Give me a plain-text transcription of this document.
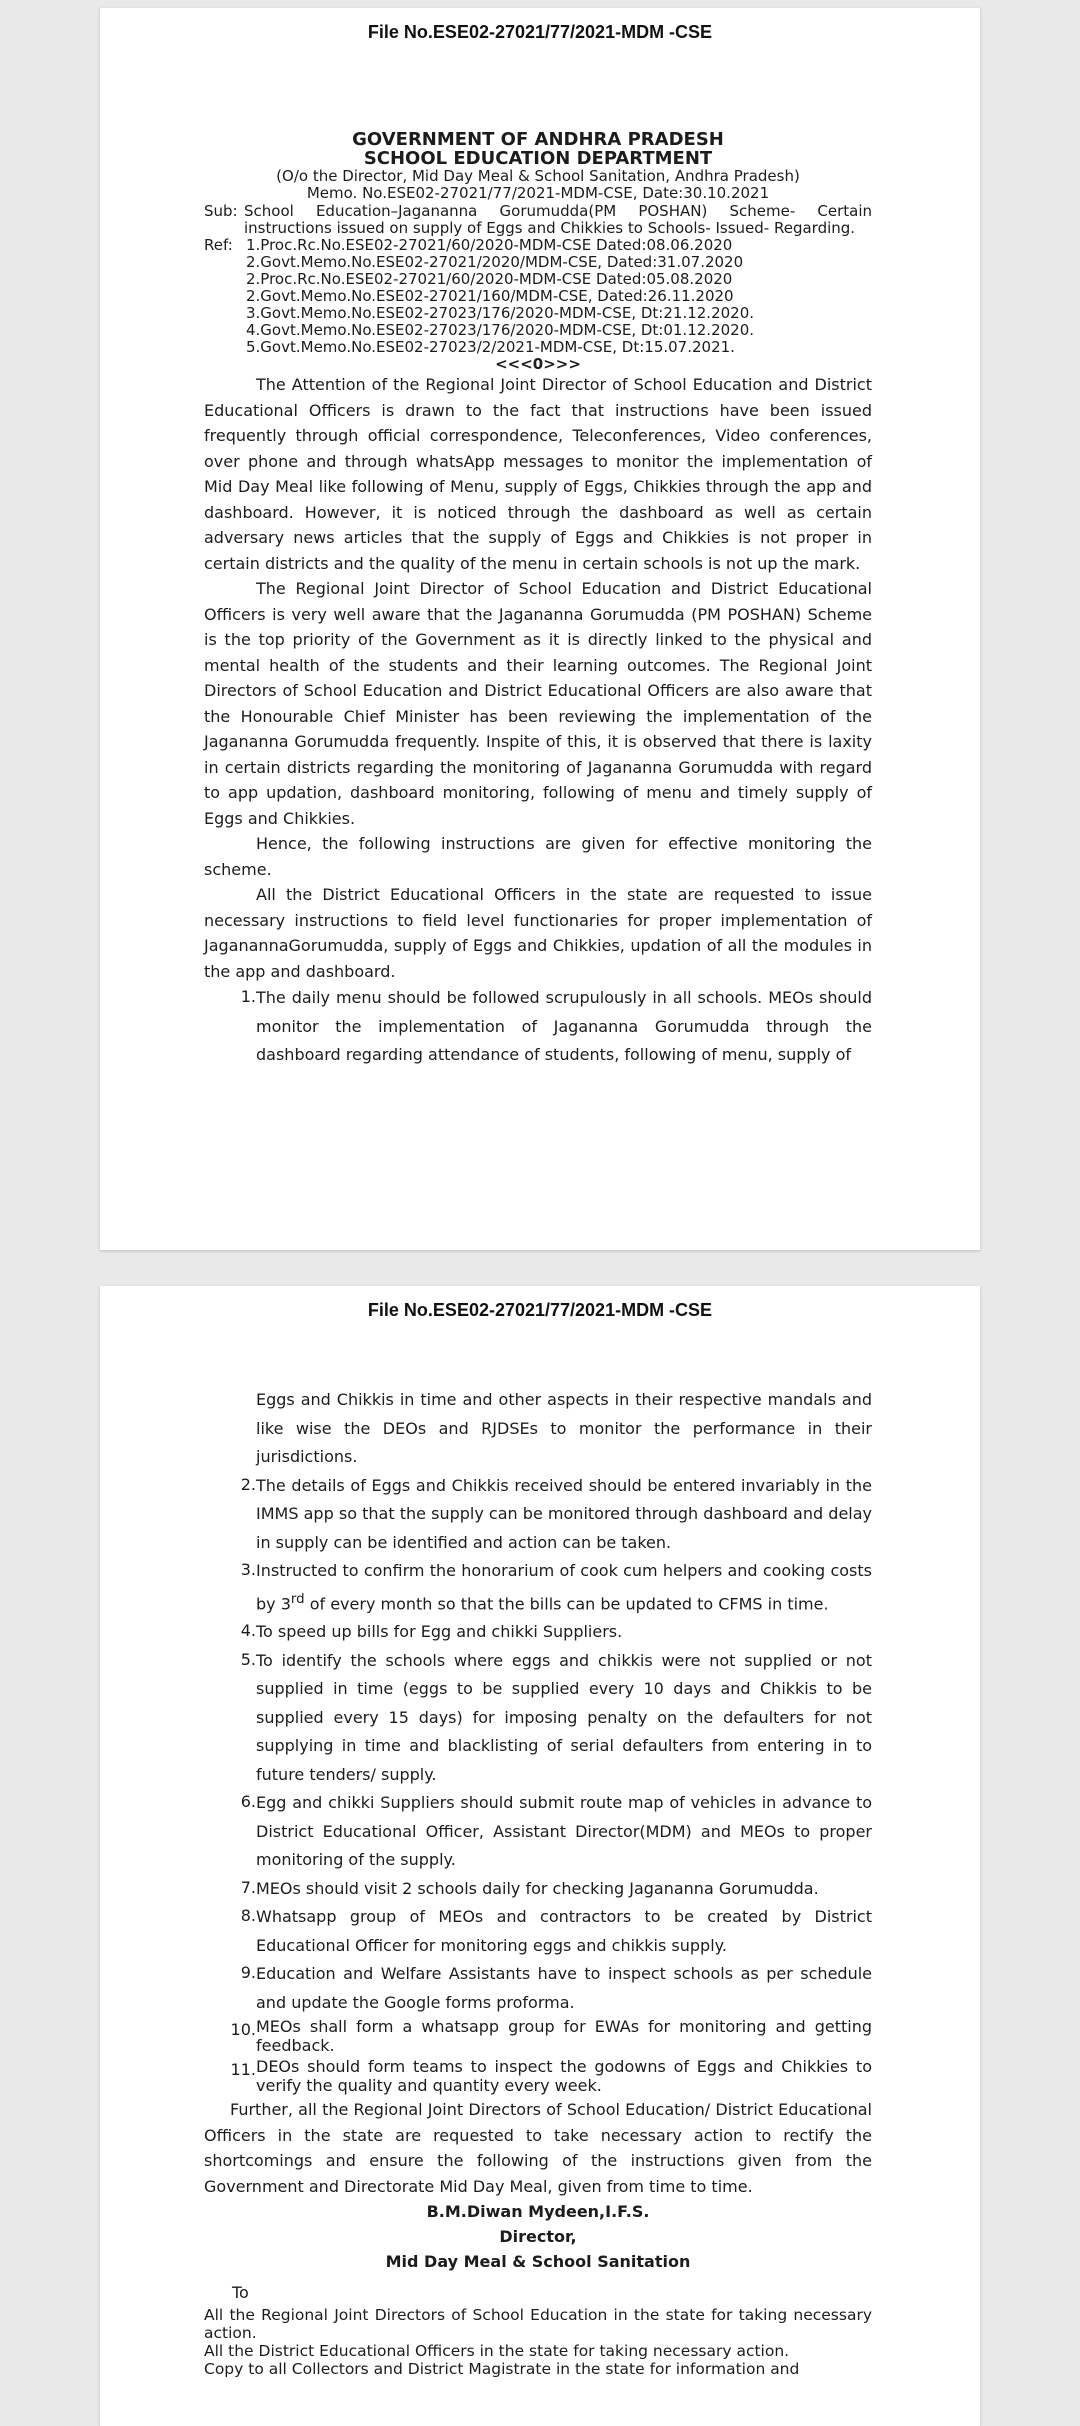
File No.ESE02-27021/77/2021-MDM -CSE
GOVERNMENT OF ANDHRA PRADESH
SCHOOL EDUCATION DEPARTMENT
(O/o the Director, Mid Day Meal & School Sanitation, Andhra Pradesh)
Memo. No.ESE02-27021/77/2021-MDM-CSE, Date:30.10.2021
Sub: School Education–Jagananna Gorumudda(PM POSHAN) Scheme- Certain instructions issued on supply of Eggs and Chikkies to Schools- Issued- Regarding.
Ref: 1.Proc.Rc.No.ESE02-27021/60/2020-MDM-CSE Dated:08.06.2020
2.Govt.Memo.No.ESE02-27021/2020/MDM-CSE, Dated:31.07.2020
2.Proc.Rc.No.ESE02-27021/60/2020-MDM-CSE Dated:05.08.2020
2.Govt.Memo.No.ESE02-27021/160/MDM-CSE, Dated:26.11.2020
3.Govt.Memo.No.ESE02-27023/176/2020-MDM-CSE, Dt:21.12.2020.
4.Govt.Memo.No.ESE02-27023/176/2020-MDM-CSE, Dt:01.12.2020.
5.Govt.Memo.No.ESE02-27023/2/2021-MDM-CSE, Dt:15.07.2021.
<<<0>>>

The Attention of the Regional Joint Director of School Education and District Educational Officers is drawn to the fact that instructions have been issued frequently through official correspondence, Teleconferences, Video conferences, over phone and through whatsApp messages to monitor the implementation of Mid Day Meal like following of Menu, supply of Eggs, Chikkies through the app and dashboard. However, it is noticed through the dashboard as well as certain adversary news articles that the supply of Eggs and Chikkies is not proper in certain districts and the quality of the menu in certain schools is not up the mark.

The Regional Joint Director of School Education and District Educational Officers is very well aware that the Jagananna Gorumudda (PM POSHAN) Scheme is the top priority of the Government as it is directly linked to the physical and mental health of the students and their learning outcomes. The Regional Joint Directors of School Education and District Educational Officers are also aware that the Honourable Chief Minister has been reviewing the implementation of the Jagananna Gorumudda frequently. Inspite of this, it is observed that there is laxity in certain districts regarding the monitoring of Jagananna Gorumudda with regard to app updation, dashboard monitoring, following of menu and timely supply of Eggs and Chikkies.

Hence, the following instructions are given for effective monitoring the scheme.

All the District Educational Officers in the state are requested to issue necessary instructions to field level functionaries for proper implementation of JaganannaGorumudda, supply of Eggs and Chikkies, updation of all the modules in the app and dashboard.

1. The daily menu should be followed scrupulously in all schools. MEOs should monitor the implementation of Jagananna Gorumudda through the dashboard regarding attendance of students, following of menu, supply of
File No.ESE02-27021/77/2021-MDM -CSE
Eggs and Chikkis in time and other aspects in their respective mandals and like wise the DEOs and RJDSEs to monitor the performance in their jurisdictions.
2. The details of Eggs and Chikkis received should be entered invariably in the IMMS app so that the supply can be monitored through dashboard and delay in supply can be identified and action can be taken.
3. Instructed to confirm the honorarium of cook cum helpers and cooking costs by 3rd of every month so that the bills can be updated to CFMS in time.
4. To speed up bills for Egg and chikki Suppliers.
5. To identify the schools where eggs and chikkis were not supplied or not supplied in time (eggs to be supplied every 10 days and Chikkis to be supplied every 15 days) for imposing penalty on the defaulters for not supplying in time and blacklisting of serial defaulters from entering in to future tenders/ supply.
6. Egg and chikki Suppliers should submit route map of vehicles in advance to District Educational Officer, Assistant Director(MDM) and MEOs to proper monitoring of the supply.
7. MEOs should visit 2 schools daily for checking Jagananna Gorumudda.
8. Whatsapp group of MEOs and contractors to be created by District Educational Officer for monitoring eggs and chikkis supply.
9. Education and Welfare Assistants have to inspect schools as per schedule and update the Google forms proforma.
10. MEOs shall form a whatsapp group for EWAs for monitoring and getting feedback.
11. DEOs should form teams to inspect the godowns of Eggs and Chikkies to verify the quality and quantity every week.

Further, all the Regional Joint Directors of School Education/ District Educational Officers in the state are requested to take necessary action to rectify the shortcomings and ensure the following of the instructions given from the Government and Directorate Mid Day Meal, given from time to time.

B.M.Diwan Mydeen,I.F.S.
Director,
Mid Day Meal & School Sanitation
To
All the Regional Joint Directors of School Education in the state for taking necessary action.
All the District Educational Officers in the state for taking necessary action.
Copy to all Collectors and District Magistrate in the state for information and
